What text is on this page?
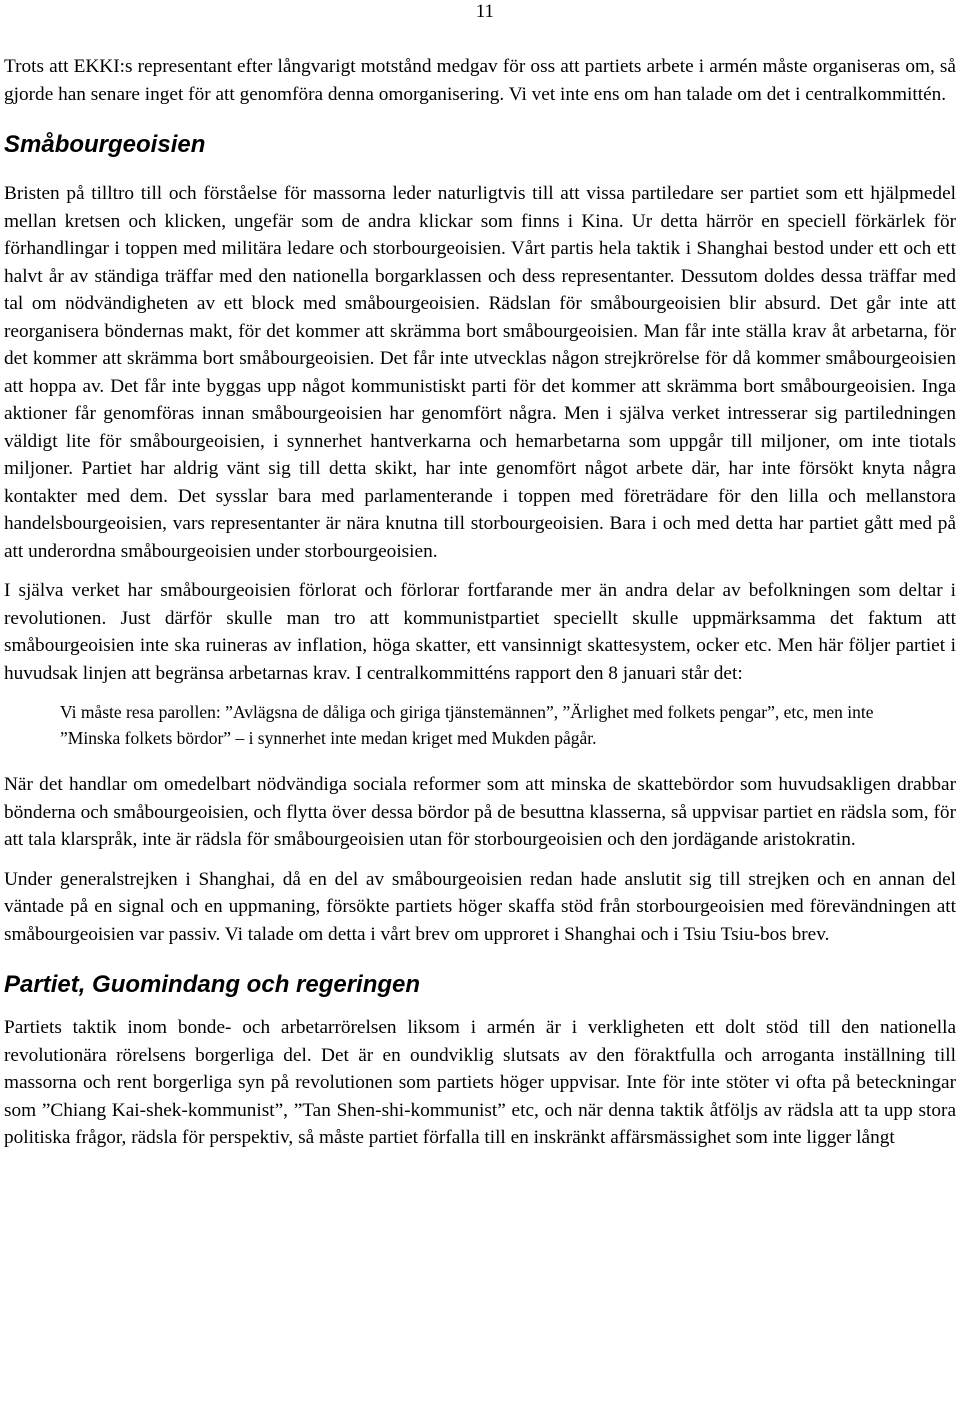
11

Trots att EKKI:s representant efter långvarigt motstånd medgav för oss att partiets arbete i armén måste organiseras om, så gjorde han senare inget för att genomföra denna omorganisering. Vi vet inte ens om han talade om det i centralkommittén.

Småbourgeoisien

Bristen på tilltro till och förståelse för massorna leder naturligtvis till att vissa partiledare ser partiet som ett hjälpmedel mellan kretsen och klicken, ungefär som de andra klickar som finns i Kina. Ur detta härrör en speciell förkärlek för förhandlingar i toppen med militära ledare och storbourgeoisien. Vårt partis hela taktik i Shanghai bestod under ett och ett halvt år av ständiga träffar med den nationella borgarklassen och dess representanter. Dessutom doldes dessa träffar med tal om nödvändigheten av ett block med småbourgeoisien. Rädslan för småbourgeoisien blir absurd. Det går inte att reorganisera böndernas makt, för det kommer att skrämma bort småbourgeoisien. Man får inte ställa krav åt arbetarna, för det kommer att skrämma bort småbourgeoisien. Det får inte utvecklas någon strejkrörelse för då kommer småbourgeoisien att hoppa av. Det får inte byggas upp något kommunistiskt parti för det kommer att skrämma bort småbourgeoisien. Inga aktioner får genomföras innan småbourgeoisien har genomfört några. Men i själva verket intresserar sig partiledningen väldigt lite för småbourgeoisien, i synnerhet hantverkarna och hemarbetarna som uppgår till miljoner, om inte tiotals miljoner. Partiet har aldrig vänt sig till detta skikt, har inte genomfört något arbete där, har inte försökt knyta några kontakter med dem. Det sysslar bara med parlamenterande i toppen med företrädare för den lilla och mellanstora handelsbourgeoisien, vars representanter är nära knutna till storbourgeoisien. Bara i och med detta har partiet gått med på att underordna småbourgeoisien under storbourgeoisien.

I själva verket har småbourgeoisien förlorat och förlorar fortfarande mer än andra delar av befolkningen som deltar i revolutionen. Just därför skulle man tro att kommunistpartiet speciellt skulle uppmärksamma det faktum att småbourgeoisien inte ska ruineras av inflation, höga skatter, ett vansinnigt skattesystem, ocker etc. Men här följer partiet i huvudsak linjen att begränsa arbetarnas krav. I centralkommitténs rapport den 8 januari står det:

Vi måste resa parollen: ”Avlägsna de dåliga och giriga tjänstemännen”, ”Ärlighet med folkets pengar”, etc, men inte ”Minska folkets bördor” – i synnerhet inte medan kriget med Mukden pågår.

När det handlar om omedelbart nödvändiga sociala reformer som att minska de skattebördor som huvudsakligen drabbar bönderna och småbourgeoisien, och flytta över dessa bördor på de besuttna klasserna, så uppvisar partiet en rädsla som, för att tala klarspråk, inte är rädsla för småbourgeoisien utan för storbourgeoisien och den jordägande aristokratin.

Under generalstrejken i Shanghai, då en del av småbourgeoisien redan hade anslutit sig till strejken och en annan del väntade på en signal och en uppmaning, försökte partiets höger skaffa stöd från storbourgeoisien med förevändningen att småbourgeoisien var passiv. Vi talade om detta i vårt brev om upproret i Shanghai och i Tsiu Tsiu-bos brev.

Partiet, Guomindang och regeringen

Partiets taktik inom bonde- och arbetarrörelsen liksom i armén är i verkligheten ett dolt stöd till den nationella revolutionära rörelsens borgerliga del. Det är en oundviklig slutsats av den föraktfulla och arroganta inställning till massorna och rent borgerliga syn på revolutionen som partiets höger uppvisar. Inte för inte stöter vi ofta på beteckningar som ”Chiang Kai-shek-kommunist”, ”Tan Shen-shi-kommunist” etc, och när denna taktik åtföljs av rädsla att ta upp stora politiska frågor, rädsla för perspektiv, så måste partiet förfalla till en inskränkt affärsmässighet som inte ligger långt
